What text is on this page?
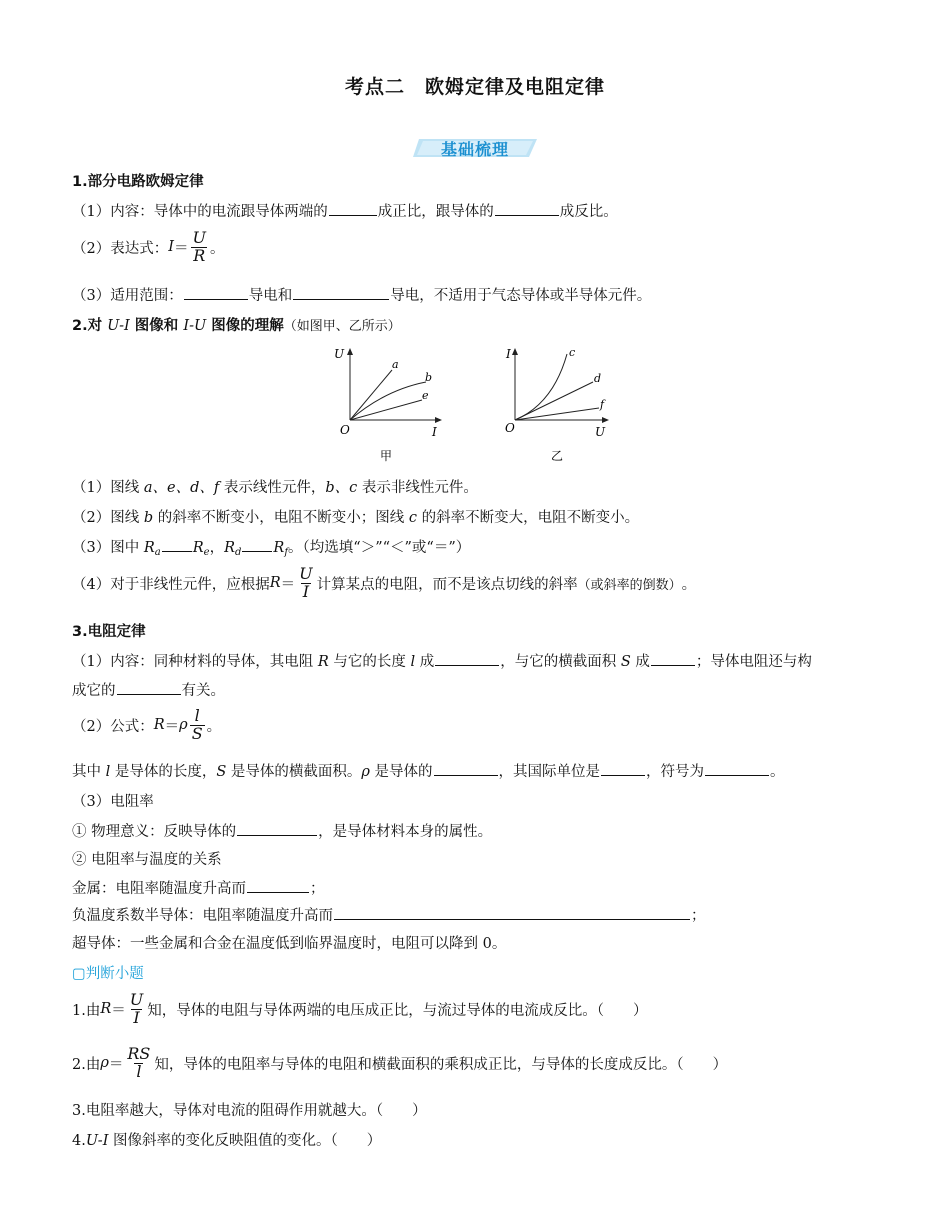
考点二　欧姆定律及电阻定律
基础梳理
1.部分电路欧姆定律
（1）内容：导体中的电流跟导体两端的	成正比，跟导体的	成反比。
（2）表达式： $I = \frac{U}{R}$ 。
（3）适用范围：	导电和	导电，不适用于气态导体或半导体元件。
2.对 U-I 图像和 I-U 图像的理解（如图甲、乙所示）
U
I
O
a
b
e
甲
I
U
O
c
d
f
乙
（1）图线 a、e、d、f 表示线性元件，b、c 表示非线性元件。
（2）图线 b 的斜率不断变小，电阻不断变小；图线 c 的斜率不断变大，电阻不断变小。
（3）图中 $R_a$ $R_e$，$R_d$ $R_f$。（均选填“＞”“＜”或“＝”）
（4）对于非线性元件，应根据 $R = \frac{U}{I}$ 计算某点的电阻，而不是该点切线的斜率 （或斜率的倒数） 。
3.电阻定律
（1）内容：同种材料的导体，其电阻 R 与它的长度 l 成	，与它的横截面积 S 成	；导体电阻还与构
成它的	有关。
（2）公式： R ＝ ρ $\frac{l}{S}$ 。
其中 l 是导体的长度，S 是导体的横截面积。ρ 是导体的	，其国际单位是	，符号为	。
（3）电阻率
① 物理意义：反映导体的	，是导体材料本身的属性。
② 电阻率与温度的关系
金属：电阻率随温度升高而	；
负温度系数半导体：电阻率随温度升高而	；
超导体：一些金属和合金在温度低到临界温度时，电阻可以降到 0。
▢判断小题
1.由 $R = \frac{U}{I}$ 知，导体的电阻与导体两端的电压成正比，与流过导体的电流成反比。（　　）
2.由 $\rho = \frac{RS}{l}$ 知，导体的电阻率与导体的电阻和横截面积的乘积成正比，与导体的长度成反比。（　　）
3.电阻率越大，导体对电流的阻碍作用就越大。（　　）
4.U-I 图像斜率的变化反映阻值的变化。（　　）
